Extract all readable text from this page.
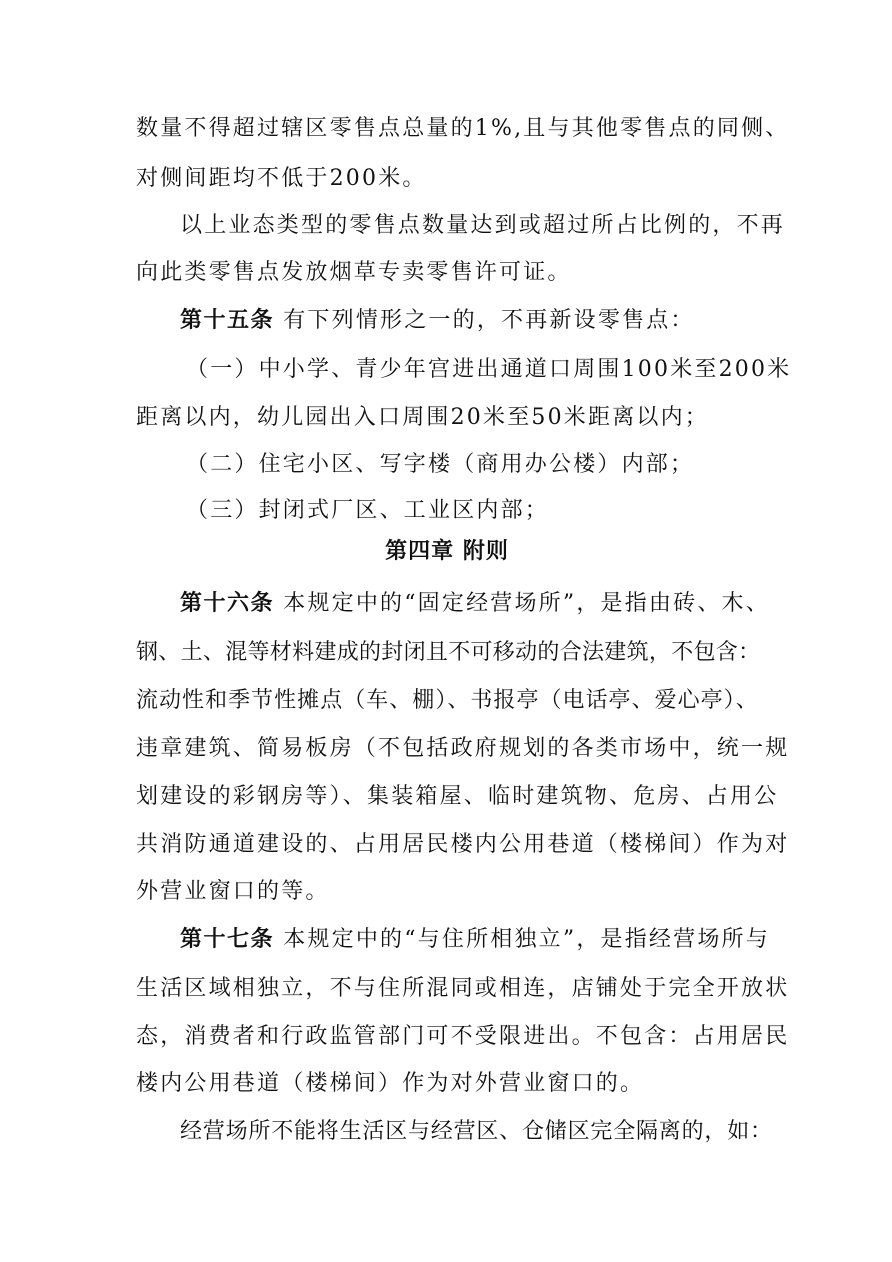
数量不得超过辖区零售点总量的1%,且与其他零售点的同侧、
对侧间距均不低于200米。
以上业态类型的零售点数量达到或超过所占比例的，不再
向此类零售点发放烟草专卖零售许可证。
第十五条 有下列情形之一的，不再新设零售点：
（一）中小学、青少年宫进出通道口周围100米至200米
距离以内，幼儿园出入口周围20米至50米距离以内；
（二）住宅小区、写字楼（商用办公楼）内部；
（三）封闭式厂区、工业区内部；
第四章 附则
第十六条 本规定中的“固定经营场所”，是指由砖、木、
钢、土、混等材料建成的封闭且不可移动的合法建筑，不包含：
流动性和季节性摊点（车、棚）、书报亭（电话亭、爱心亭）、
违章建筑、简易板房（不包括政府规划的各类市场中，统一规
划建设的彩钢房等）、集装箱屋、临时建筑物、危房、占用公
共消防通道建设的、占用居民楼内公用巷道（楼梯间）作为对
外营业窗口的等。
第十七条 本规定中的“与住所相独立”，是指经营场所与
生活区域相独立，不与住所混同或相连，店铺处于完全开放状
态，消费者和行政监管部门可不受限进出。不包含：占用居民
楼内公用巷道（楼梯间）作为对外营业窗口的。
经营场所不能将生活区与经营区、仓储区完全隔离的，如：
